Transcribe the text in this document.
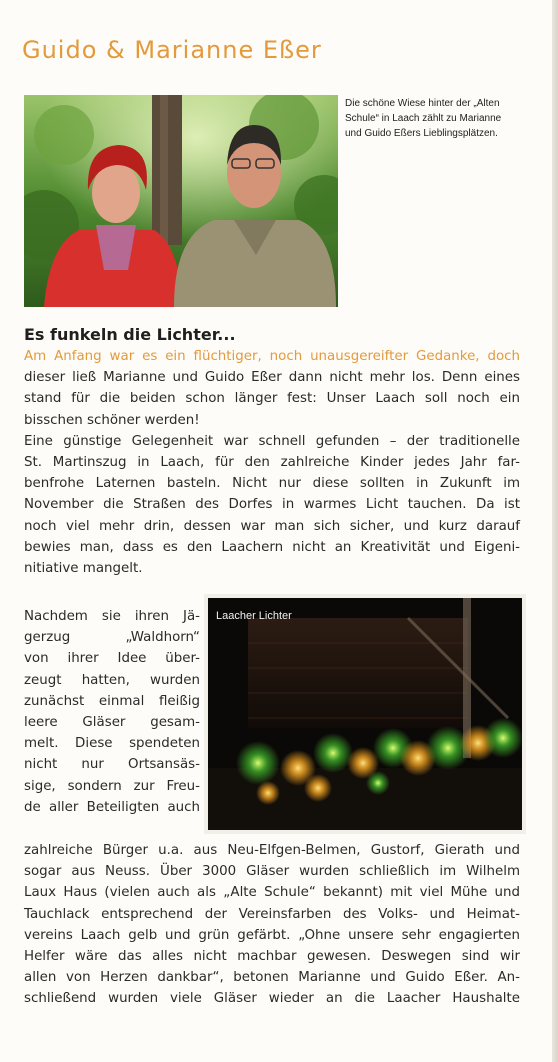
Guido & Marianne Eßer
Die schöne Wiese hinter der „Alten Schule“ in Laach zählt zu Marianne und Guido Eßers Lieblingsplätzen.
Es funkeln die Lichter...
Am Anfang war es ein flüchtiger, noch unausgereifter Gedanke, doch
dieser ließ Marianne und Guido Eßer dann nicht mehr los. Denn eines
stand für die beiden schon länger fest: Unser Laach soll noch ein
bisschen schöner werden!
Eine günstige Gelegenheit war schnell gefunden – der traditionelle
St. Martinszug in Laach, für den zahlreiche Kinder jedes Jahr far-
benfrohe Laternen basteln. Nicht nur diese sollten in Zukunft im
November die Straßen des Dorfes in warmes Licht tauchen. Da ist
noch viel mehr drin, dessen war man sich sicher, und kurz darauf
bewies man, dass es den Laachern nicht an Kreativität und Eigeni-
nitiative mangelt.
Nachdem sie ihren Jä-
gerzug „Waldhorn“
von ihrer Idee über-
zeugt hatten, wurden
zunächst einmal fleißig
leere Gläser gesam-
melt. Diese spendeten
nicht nur Ortsansäs-
sige, sondern zur Freu-
de aller Beteiligten auch
Laacher Lichter
zahlreiche Bürger u.a. aus Neu-Elfgen-Belmen, Gustorf, Gierath und
sogar aus Neuss. Über 3000 Gläser wurden schließlich im Wilhelm
Laux Haus (vielen auch als „Alte Schule“ bekannt) mit viel Mühe und
Tauchlack entsprechend der Vereinsfarben des Volks- und Heimat-
vereins Laach gelb und grün gefärbt. „Ohne unsere sehr engagierten
Helfer wäre das alles nicht machbar gewesen. Deswegen sind wir
allen von Herzen dankbar“, betonen Marianne und Guido Eßer. An-
schließend wurden viele Gläser wieder an die Laacher Haushalte
